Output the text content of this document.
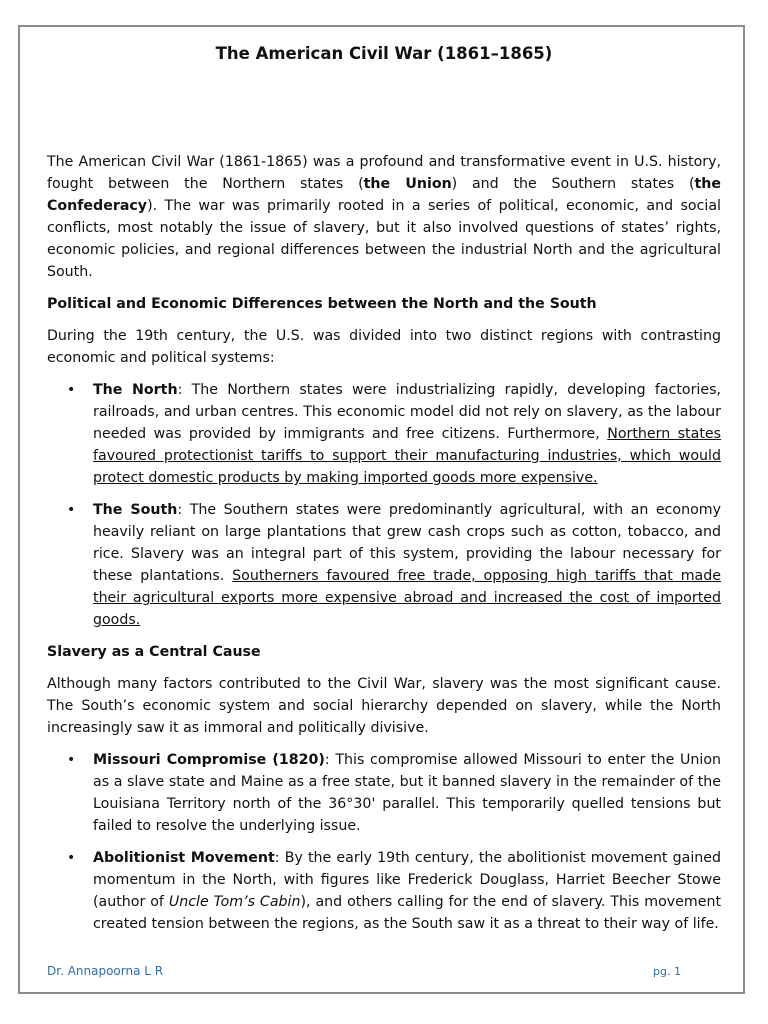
The American Civil War (1861–1865)

The American Civil War (1861-1865) was a profound and transformative event in U.S. history, fought between the Northern states (the Union) and the Southern states (the Confederacy). The war was primarily rooted in a series of political, economic, and social conflicts, most notably the issue of slavery, but it also involved questions of states’ rights, economic policies, and regional differences between the industrial North and the agricultural South.

Political and Economic Differences between the North and the South

During the 19th century, the U.S. was divided into two distinct regions with contrasting economic and political systems:

• The North: The Northern states were industrializing rapidly, developing factories, railroads, and urban centres. This economic model did not rely on slavery, as the labour needed was provided by immigrants and free citizens. Furthermore, Northern states favoured protectionist tariffs to support their manufacturing industries, which would protect domestic products by making imported goods more expensive.
• The South: The Southern states were predominantly agricultural, with an economy heavily reliant on large plantations that grew cash crops such as cotton, tobacco, and rice. Slavery was an integral part of this system, providing the labour necessary for these plantations. Southerners favoured free trade, opposing high tariffs that made their agricultural exports more expensive abroad and increased the cost of imported goods.
Slavery as a Central Cause

Although many factors contributed to the Civil War, slavery was the most significant cause. The South’s economic system and social hierarchy depended on slavery, while the North increasingly saw it as immoral and politically divisive.

• Missouri Compromise (1820): This compromise allowed Missouri to enter the Union as a slave state and Maine as a free state, but it banned slavery in the remainder of the Louisiana Territory north of the 36°30' parallel. This temporarily quelled tensions but failed to resolve the underlying issue.
• Abolitionist Movement: By the early 19th century, the abolitionist movement gained momentum in the North, with figures like Frederick Douglass, Harriet Beecher Stowe (author of Uncle Tom’s Cabin), and others calling for the end of slavery. This movement created tension between the regions, as the South saw it as a threat to their way of life.
Dr. Annapoorna L R	pg. 1
